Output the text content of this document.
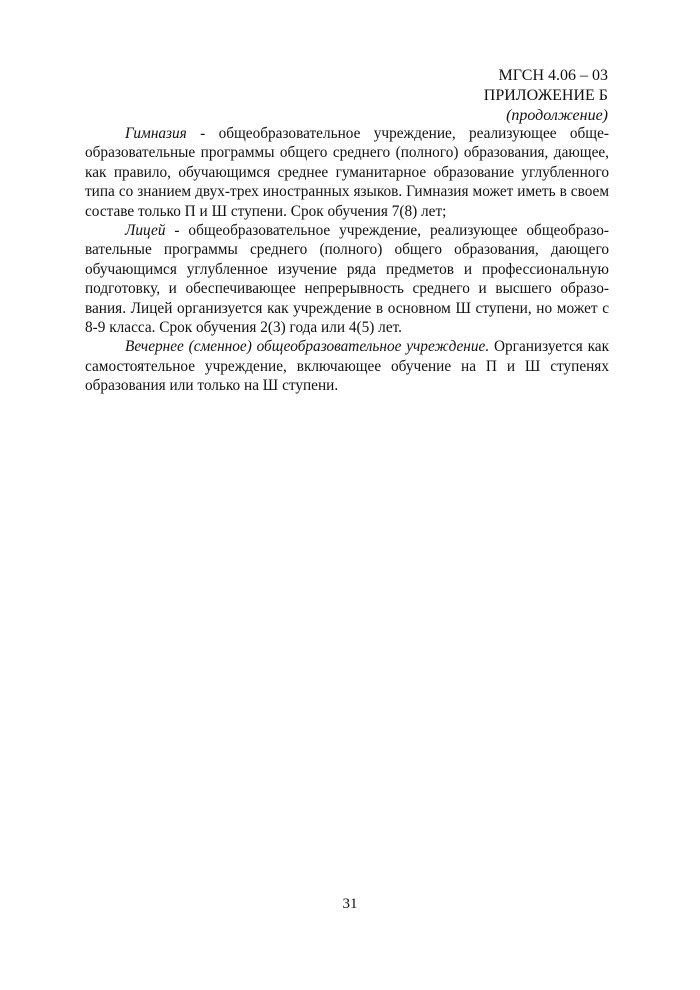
МГСН 4.06 – 03
ПРИЛОЖЕНИЕ Б
(продолжение)

Гимназия - общеобразовательное учреждение, реализующее общеобразовательные программы общего среднего (полного) образования, дающее, как правило, обучающимся среднее гуманитарное образование углубленного типа со знанием двух-трех иностранных языков. Гимназия может иметь в своем составе только П и Ш ступени. Срок обучения 7(8) лет;

Лицей - общеобразовательное учреждение, реализующее общеобразовательные программы среднего (полного) общего образования, дающего обучающимся углубленное изучение ряда предметов и профессиональную подготовку, и обеспечивающее непрерывность среднего и высшего образования. Лицей организуется как учреждение в основном Ш ступени, но может с 8-9 класса. Срок обучения 2(3) года или 4(5) лет.

Вечернее (сменное) общеобразовательное учреждение. Организуется как самостоятельное учреждение, включающее обучение на П и Ш ступенях образования или только на Ш ступени.

31
